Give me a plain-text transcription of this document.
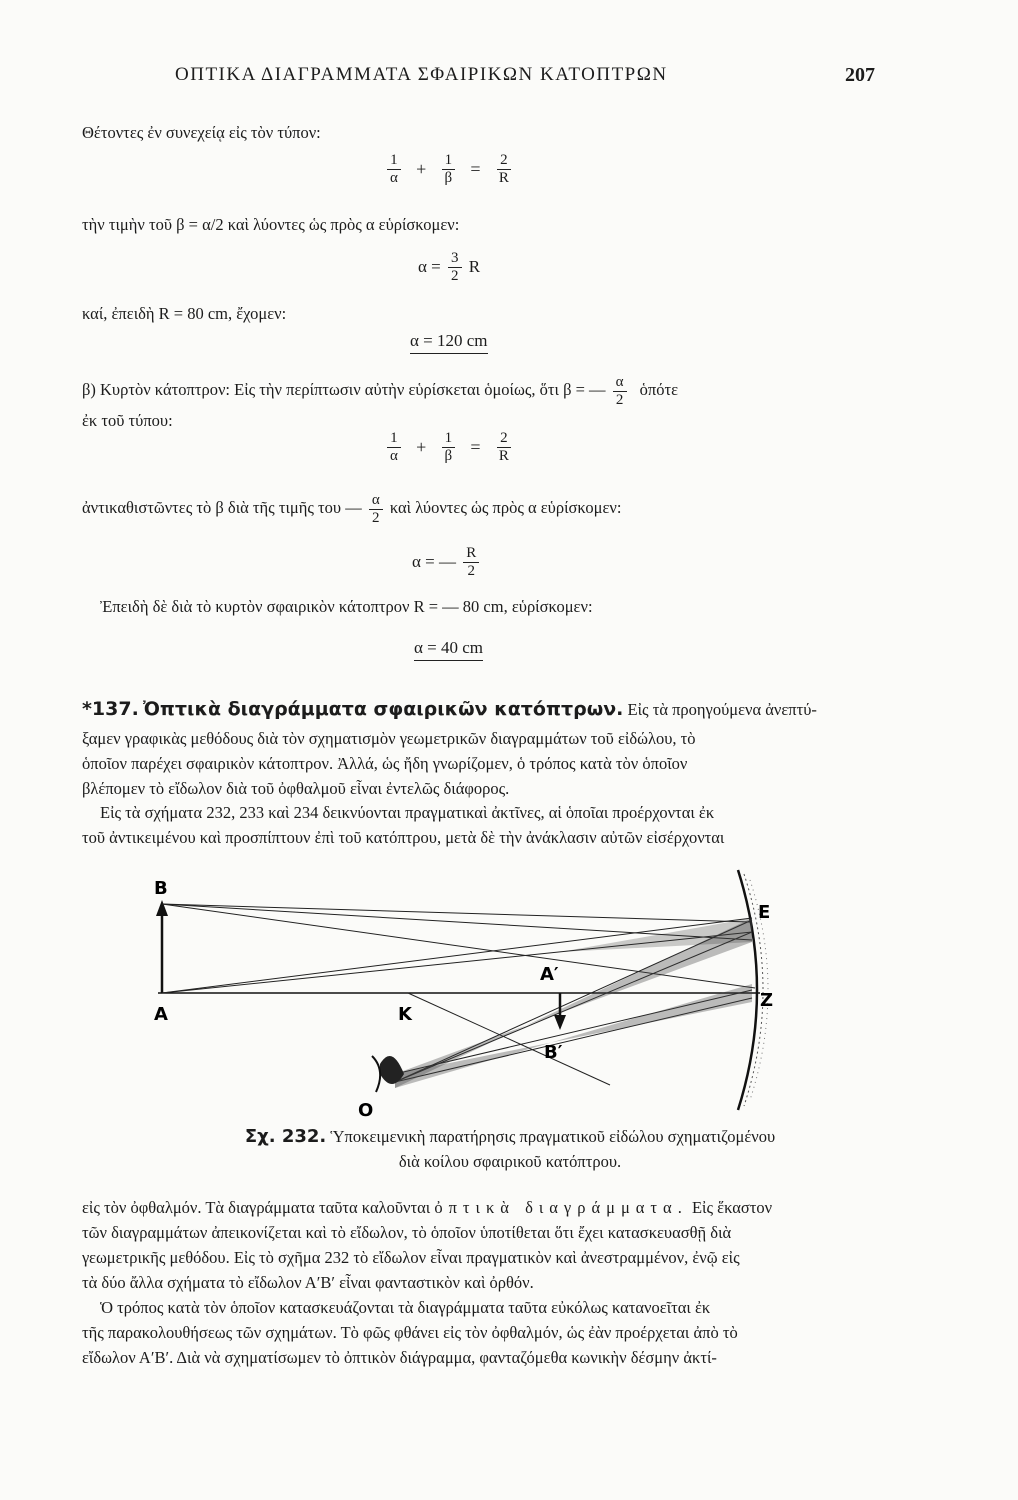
ΟΠΤΙΚΑ ΔΙΑΓΡΑΜΜΑΤΑ ΣΦΑΙΡΙΚΩΝ ΚΑΤΟΠΤΡΩΝ	207
Θέτοντες ἐν συνεχείᾳ εἰς τὸν τύπον:
$\frac{1}{\alpha} + \frac{1}{\beta} = \frac{2}{R}$
τὴν τιμὴν τοῦ β = α/2 καὶ λύοντες ὡς πρὸς α εὑρίσκομεν:
$\alpha = \frac{3}{2}$ R
καί, ἐπειδὴ R = 80 cm, ἔχομεν:
α = 120 cm
β) Κυρτὸν κάτοπτρον: Εἰς τὴν περίπτωσιν αὐτὴν εὑρίσκεται ὁμοίως, ὅτι β = — $\frac{\alpha}{2}$ ὁπότε
ἐκ τοῦ τύπου:
$\frac{1}{\alpha} + \frac{1}{\beta} = \frac{2}{R}$
ἀντικαθιστῶντες τὸ β διὰ τῆς τιμῆς του — $\frac{\alpha}{2}$ καὶ λύοντες ὡς πρὸς α εὑρίσκομεν:
α = — $\frac{R}{2}$
Ἐπειδὴ δὲ διὰ τὸ κυρτὸν σφαιρικὸν κάτοπτρον R = — 80 cm, εὑρίσκομεν:
α = 40 cm
*137. Ὀπτικὰ διαγράμματα σφαιρικῶν κατόπτρων. Εἰς τὰ προηγούμενα ἀνεπτύ-
ξαμεν γραφικὰς μεθόδους διὰ τὸν σχηματισμὸν γεωμετρικῶν διαγραμμάτων τοῦ εἰδώλου, τὸ
ὁποῖον παρέχει σφαιρικὸν κάτοπτρον. Ἀλλά, ὡς ἤδη γνωρίζομεν, ὁ τρόπος κατὰ τὸν ὁποῖον
βλέπομεν τὸ εἴδωλον διὰ τοῦ ὀφθαλμοῦ εἶναι ἐντελῶς διάφορος.
Εἰς τὰ σχήματα 232, 233 καὶ 234 δεικνύονται πραγματικαὶ ἀκτῖνες, αἱ ὁποῖαι προέρχονται ἐκ
τοῦ ἀντικειμένου καὶ προσπίπτουν ἐπὶ τοῦ κατόπτρου, μετὰ δὲ τὴν ἀνάκλασιν αὐτῶν εἰσέρχονται
B
A	K
A′
B′
O
E
Z
Σχ. 232. Ὑποκειμενικὴ παρατήρησις πραγματικοῦ εἰδώλου σχηματιζομένου
διὰ κοίλου σφαιρικοῦ κατόπτρου.
εἰς τὸν ὀφθαλμόν. Τὰ διαγράμματα ταῦτα καλοῦνται ὀπτικὰ διαγράμματα. Εἰς ἕκαστον
τῶν διαγραμμάτων ἀπεικονίζεται καὶ τὸ εἴδωλον, τὸ ὁποῖον ὑποτίθεται ὅτι ἔχει κατασκευασθῇ διὰ
γεωμετρικῆς μεθόδου. Εἰς τὸ σχῆμα 232 τὸ εἴδωλον εἶναι πραγματικὸν καὶ ἀνεστραμμένον, ἐνῷ εἰς
τὰ δύο ἄλλα σχήματα τὸ εἴδωλον Α′Β′ εἶναι φανταστικὸν καὶ ὀρθόν.
Ὁ τρόπος κατὰ τὸν ὁποῖον κατασκευάζονται τὰ διαγράμματα ταῦτα εὐκόλως κατανοεῖται ἐκ
τῆς παρακολουθήσεως τῶν σχημάτων. Τὸ φῶς φθάνει εἰς τὸν ὀφθαλμόν, ὡς ἐὰν προέρχεται ἀπὸ τὸ
εἴδωλον Α′Β′. Διὰ νὰ σχηματίσωμεν τὸ ὀπτικὸν διάγραμμα, φανταζόμεθα κωνικὴν δέσμην ἀκτί-
